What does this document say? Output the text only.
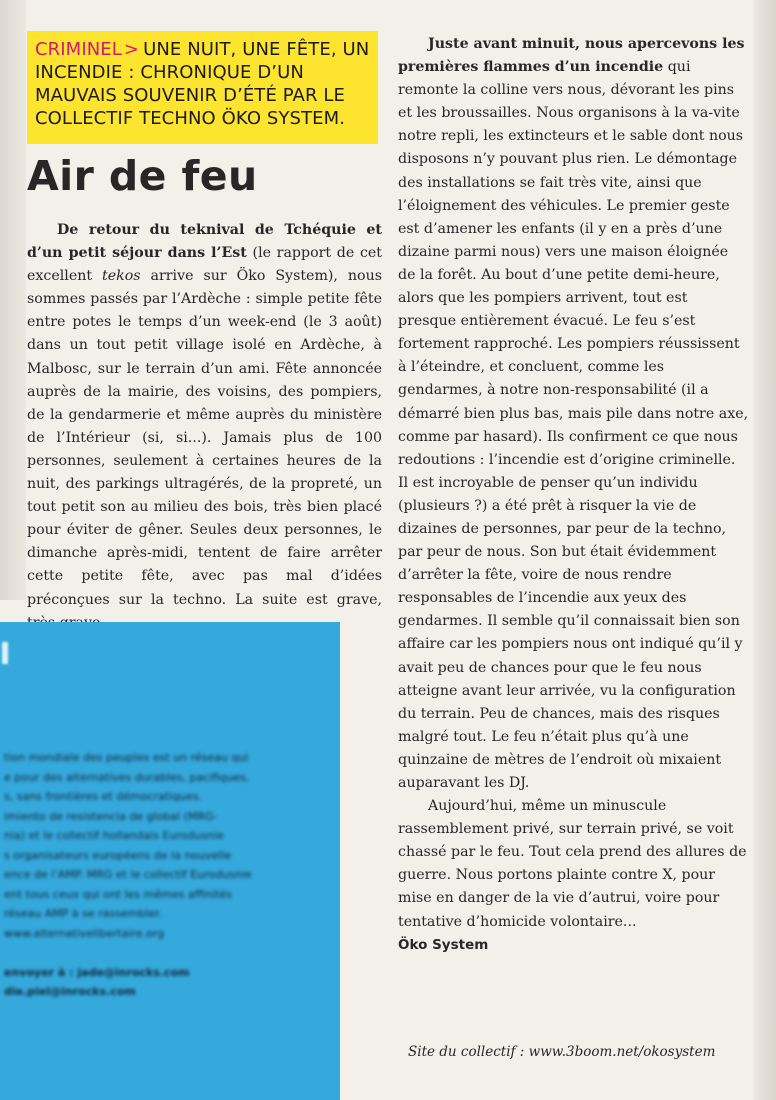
CRIMINEL > UNE NUIT, UNE FÊTE, UN INCENDIE : CHRONIQUE D’UN MAUVAIS SOUVENIR D’ÉTÉ PAR LE COLLECTIF TECHNO ÖKO SYSTEM.
Air de feu

De retour du teknival de Tchéquie et d’un petit séjour dans l’Est (le rapport de cet excellent tekos arrive sur Öko System), nous sommes passés par l’Ardèche : simple petite fête entre potes le temps d’un week-end (le 3 août) dans un tout petit village isolé en Ardèche, à Malbosc, sur le terrain d’un ami. Fête annoncée auprès de la mairie, des voisins, des pompiers, de la gendarmerie et même auprès du ministère de l’Intérieur (si, si...). Jamais plus de 100 personnes, seulement à certaines heures de la nuit, des parkings ultragérés, de la propreté, un tout petit son au milieu des bois, très bien placé pour éviter de gêner. Seules deux personnes, le dimanche après-midi, tentent de faire arrêter cette petite fête, avec pas mal d’idées préconçues sur la techno. La suite est grave,

Juste avant minuit, nous apercevons les premières flammes d’un incendie qui remonte la colline vers nous, dévorant les pins et les broussailles. Nous organisons à la va-vite notre repli, les extincteurs et le sable dont nous disposons n’y pouvant plus rien. Le démontage des installations se fait très vite, ainsi que l’éloignement des véhicules. Le premier geste est d’amener les enfants (il y en a près d’une dizaine parmi nous) vers une maison éloignée de la forêt. Au bout d’une petite demi-heure, alors que les pompiers arrivent, tout est presque entièrement évacué. Le feu s’est fortement rapproché. Les pompiers réussissent à l’éteindre, et concluent, comme les gendarmes, à notre non-responsabilité (il a démarré bien plus bas, mais pile dans notre axe, comme par hasard). Ils confirment ce que nous redoutions : l’incendie est d’origine criminelle. Il est incroyable de penser qu’un individu (plusieurs ?) a été prêt à risquer la vie de dizaines de personnes, par peur de la techno, par peur de nous. Son but était évidemment d’arrêter la fête, voire de nous rendre responsables de l’incendie aux yeux des gendarmes. Il semble qu’il connaissait bien son affaire car les pompiers nous ont indiqué qu’il y avait peu de chances pour que le feu nous atteigne avant leur arrivée, vu la configuration du terrain. Peu de chances, mais des risques malgré tout. Le feu n’était plus qu’à une quinzaine de mètres de l’endroit où mixaient auparavant les DJ.

Aujourd’hui, même un minuscule rassemblement privé, sur terrain privé, se voit chassé par le feu. Tout cela prend des allures de guerre. Nous portons plainte contre X, pour mise en danger de la vie d’autrui, voire pour tentative d’homicide volontaire...

Öko System

Site du collectif : www.3boom.net/okosystem
tion mondiale des peuples est un réseau qui
e pour des alternatives durables, pacifiques,
s, sans frontières et démocratiques.
imiento de resistencia de global (MRG-
nia) et le collectif hollandais Eurodusnie
s organisateurs européens de la nouvelle
ence de l’AMP. MRG et le collectif Eurodusnie
ent tous ceux qui ont les mêmes affinités
réseau AMP à se rassembler.
www.alternativelibertaire.org

envoyer à : jade@inrocks.com
die.piel@inrocks.com
